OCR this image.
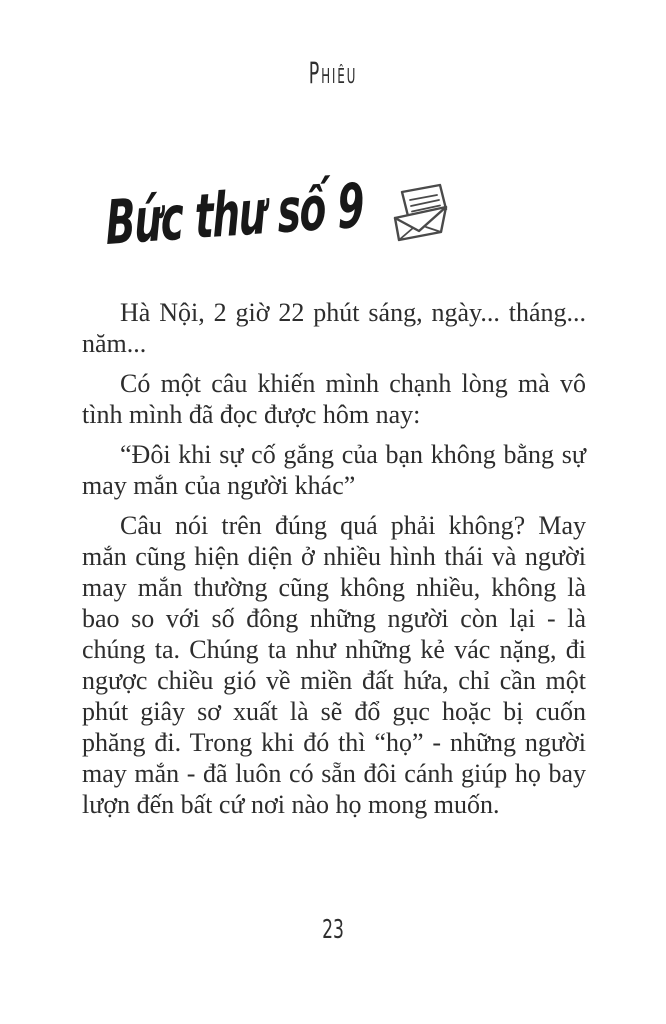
Phiêu
Bức thư số 9

Hà Nội, 2 giờ 22 phút sáng, ngày... tháng... năm...

Có một câu khiến mình chạnh lòng mà vô tình mình đã đọc được hôm nay:

“Đôi khi sự cố gắng của bạn không bằng sự may mắn của người khác”

Câu nói trên đúng quá phải không? May mắn cũng hiện diện ở nhiều hình thái và người may mắn thường cũng không nhiều, không là bao so với số đông những người còn lại - là chúng ta. Chúng ta như những kẻ vác nặng, đi ngược chiều gió về miền đất hứa, chỉ cần một phút giây sơ xuất là sẽ đổ gục hoặc bị cuốn phăng đi. Trong khi đó thì “họ” - những người may mắn - đã luôn có sẵn đôi cánh giúp họ bay lượn đến bất cứ nơi nào họ mong muốn.

23
